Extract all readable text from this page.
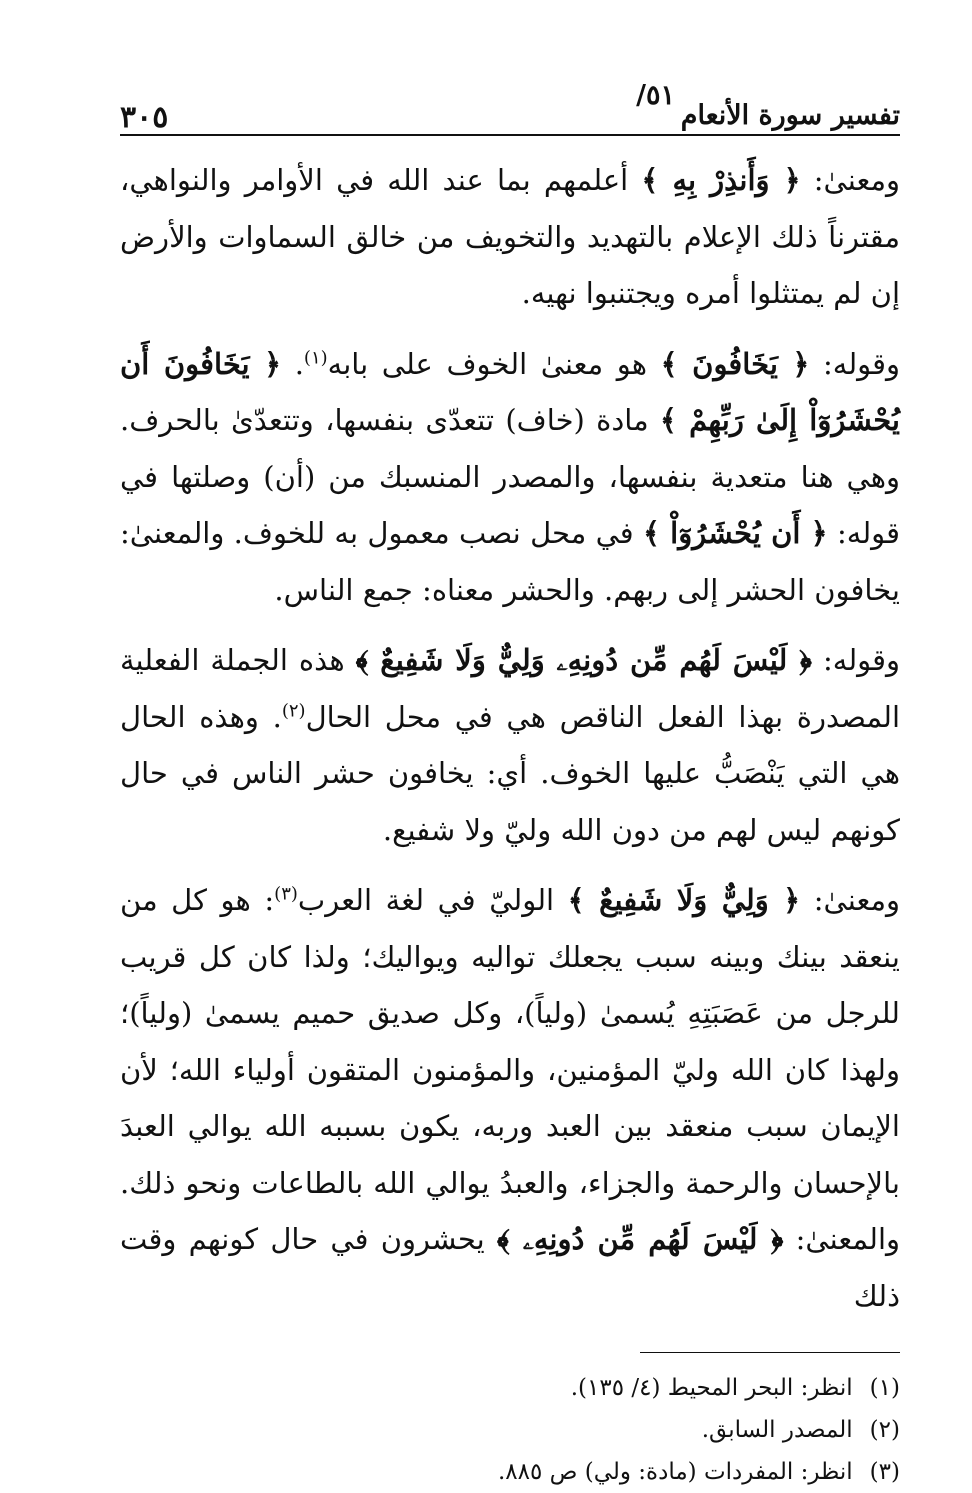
تفسير سورة الأنعام
٥١/
٣٠٥

ومعنىٰ: ﴿ وَأَنذِرْ بِهِ ﴾ أعلمهم بما عند الله في الأوامر والنواهي، مقترناً ذلك الإعلام بالتهديد والتخويف من خالق السماوات والأرض إن لم يمتثلوا أمره ويجتنبوا نهيه.

وقوله: ﴿ يَخَافُونَ ﴾ هو معنىٰ الخوف على بابه$^{(١)}$. ﴿ يَخَافُونَ أَن يُحْشَرُوٓاْ إِلَىٰ رَبِّهِمْ ﴾ مادة (خاف) تتعدّى بنفسها، وتتعدّىٰ بالحرف. وهي هنا متعدية بنفسها، والمصدر المنسبك من (أن) وصلتها في قوله: ﴿ أَن يُحْشَرُوٓاْ ﴾ في محل نصب معمول به للخوف. والمعنىٰ: يخافون الحشر إلى ربهم. والحشر معناه: جمع الناس.

وقوله: ﴿ لَيْسَ لَهُم مِّن دُونِهِۦ وَلِيٌّ وَلَا شَفِيعٌ ﴾ هذه الجملة الفعلية المصدرة بهذا الفعل الناقص هي في محل الحال$^{(٢)}$. وهذه الحال هي التي يَنْصَبُّ عليها الخوف. أي: يخافون حشر الناس في حال كونهم ليس لهم من دون الله وليّ ولا شفيع.

ومعنىٰ: ﴿ وَلِيٌّ وَلَا شَفِيعٌ ﴾ الوليّ في لغة العرب$^{(٣)}$: هو كل من ينعقد بينك وبينه سبب يجعلك تواليه ويواليك؛ ولذا كان كل قريب للرجل من عَصَبَتِهِ يُسمىٰ (ولياً)، وكل صديق حميم يسمىٰ (ولياً)؛ ولهذا كان الله وليّ المؤمنين، والمؤمنون المتقون أولياء الله؛ لأن الإيمان سبب منعقد بين العبد وربه، يكون بسببه الله يوالي العبدَ بالإحسان والرحمة والجزاء، والعبدُ يوالي الله بالطاعات ونحو ذلك. والمعنىٰ: ﴿ لَيْسَ لَهُم مِّن دُونِهِۦ ﴾ يحشرون في حال كونهم وقت ذلك

(١) انظر: البحر المحيط (٤/ ١٣٥).
(٢) المصدر السابق.
(٣) انظر: المفردات (مادة: ولي) ص ٨٨٥.
